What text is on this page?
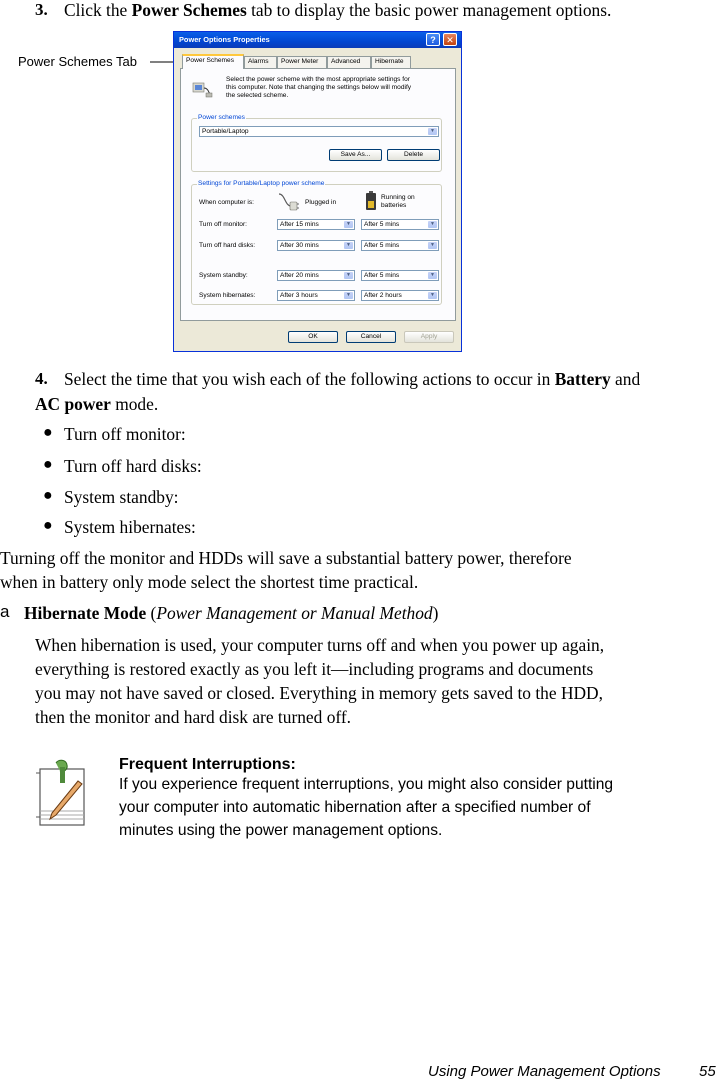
3. Click the Power Schemes tab to display the basic power management options.
Power Schemes Tab
Power Options Properties	?	✕
Power Schemes	Alarms	Power Meter	Advanced	Hibernate
Select the power scheme with the most appropriate settings for
this computer. Note that changing the settings below will modify
the selected scheme.
Power schemes
Portable/Laptop	▼
Save As...	Delete
Settings for Portable/Laptop power scheme
When computer is:	Plugged in
Running on
batteries
Turn off monitor:	After 15 mins	▼	After 5 mins	▼
Turn off hard disks:	After 30 mins	▼	After 5 mins	▼
System standby:	After 20 mins	▼	After 5 mins	▼
System hibernates:	After 3 hours	▼	After 2 hours	▼
OK	Cancel	Apply
4. Select the time that you wish each of the following actions to occur in Battery and
AC power mode.
● Turn off monitor:
● Turn off hard disks:
● System standby:
● System hibernates:
Turning off the monitor and HDDs will save a substantial battery power, therefore
when in battery only mode select the shortest time practical.
a Hibernate Mode (Power Management or Manual Method)
When hibernation is used, your computer turns off and when you power up again,
everything is restored exactly as you left it—including programs and documents
you may not have saved or closed. Everything in memory gets saved to the HDD,
then the monitor and hard disk are turned off.
Frequent Interruptions:
If you experience frequent interruptions, you might also consider putting
your computer into automatic hibernation after a specified number of
minutes using the power management options.
Using Power Management Options	55
